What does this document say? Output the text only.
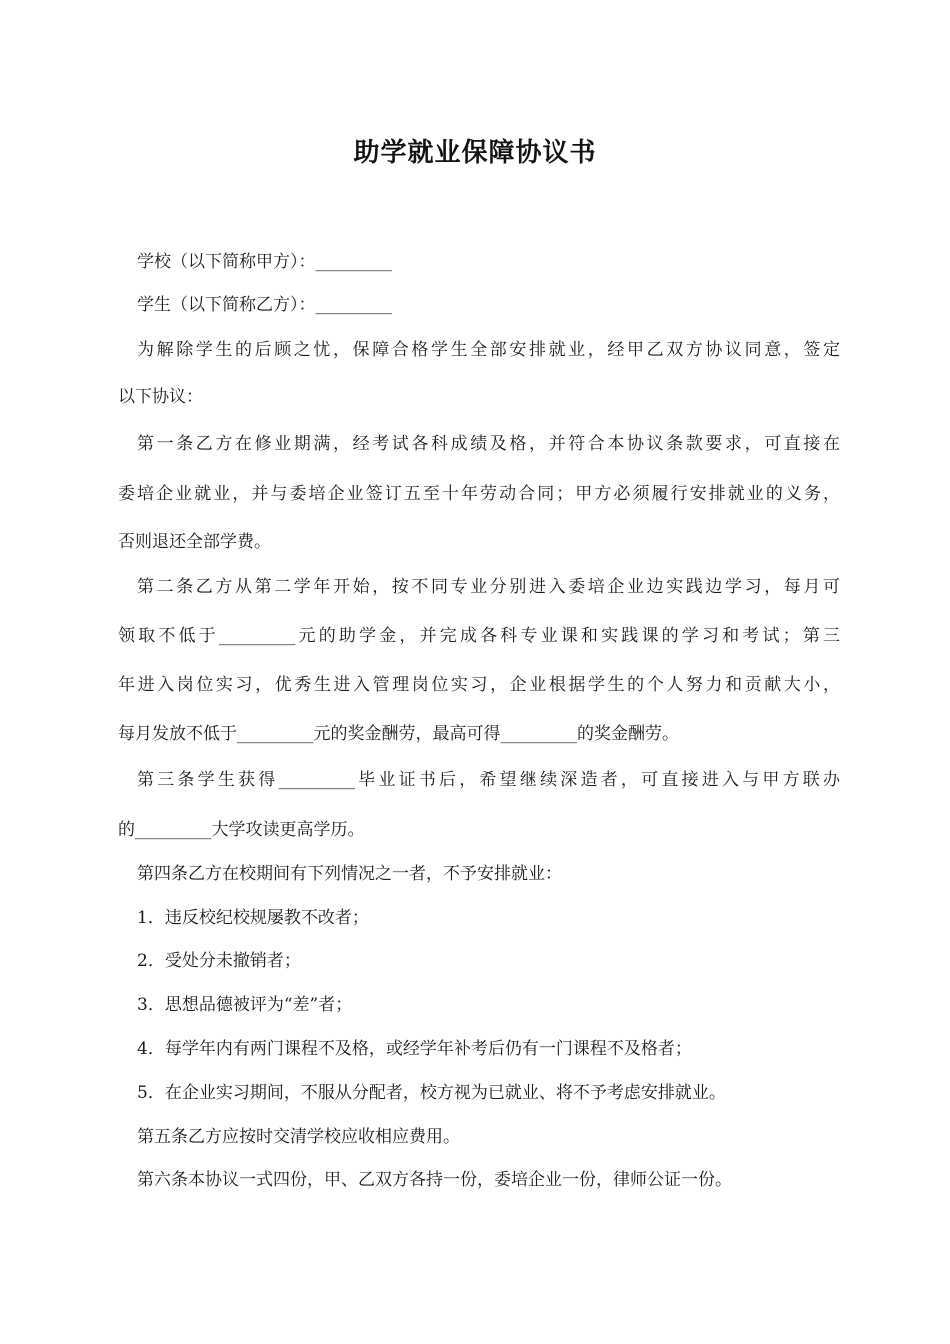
助学就业保障协议书
学校（以下简称甲方）：_________
学生（以下简称乙方）：_________
为解除学生的后顾之忧，保障合格学生全部安排就业，经甲乙双方协议同意，签定
以下协议：
第一条乙方在修业期满，经考试各科成绩及格，并符合本协议条款要求，可直接在
委培企业就业，并与委培企业签订五至十年劳动合同；甲方必须履行安排就业的义务，
否则退还全部学费。
第二条乙方从第二学年开始，按不同专业分别进入委培企业边实践边学习，每月可
领取不低于_________元的助学金，并完成各科专业课和实践课的学习和考试；第三
年进入岗位实习，优秀生进入管理岗位实习，企业根据学生的个人努力和贡献大小，
每月发放不低于_________元的奖金酬劳，最高可得_________的奖金酬劳。
第三条学生获得_________毕业证书后，希望继续深造者，可直接进入与甲方联办
的_________大学攻读更高学历。
第四条乙方在校期间有下列情况之一者，不予安排就业：
1．违反校纪校规屡教不改者；
2．受处分未撤销者；
3．思想品德被评为“差”者；
4．每学年内有两门课程不及格，或经学年补考后仍有一门课程不及格者；
5．在企业实习期间，不服从分配者，校方视为已就业、将不予考虑安排就业。
第五条乙方应按时交清学校应收相应费用。
第六条本协议一式四份，甲、乙双方各持一份，委培企业一份，律师公证一份。
